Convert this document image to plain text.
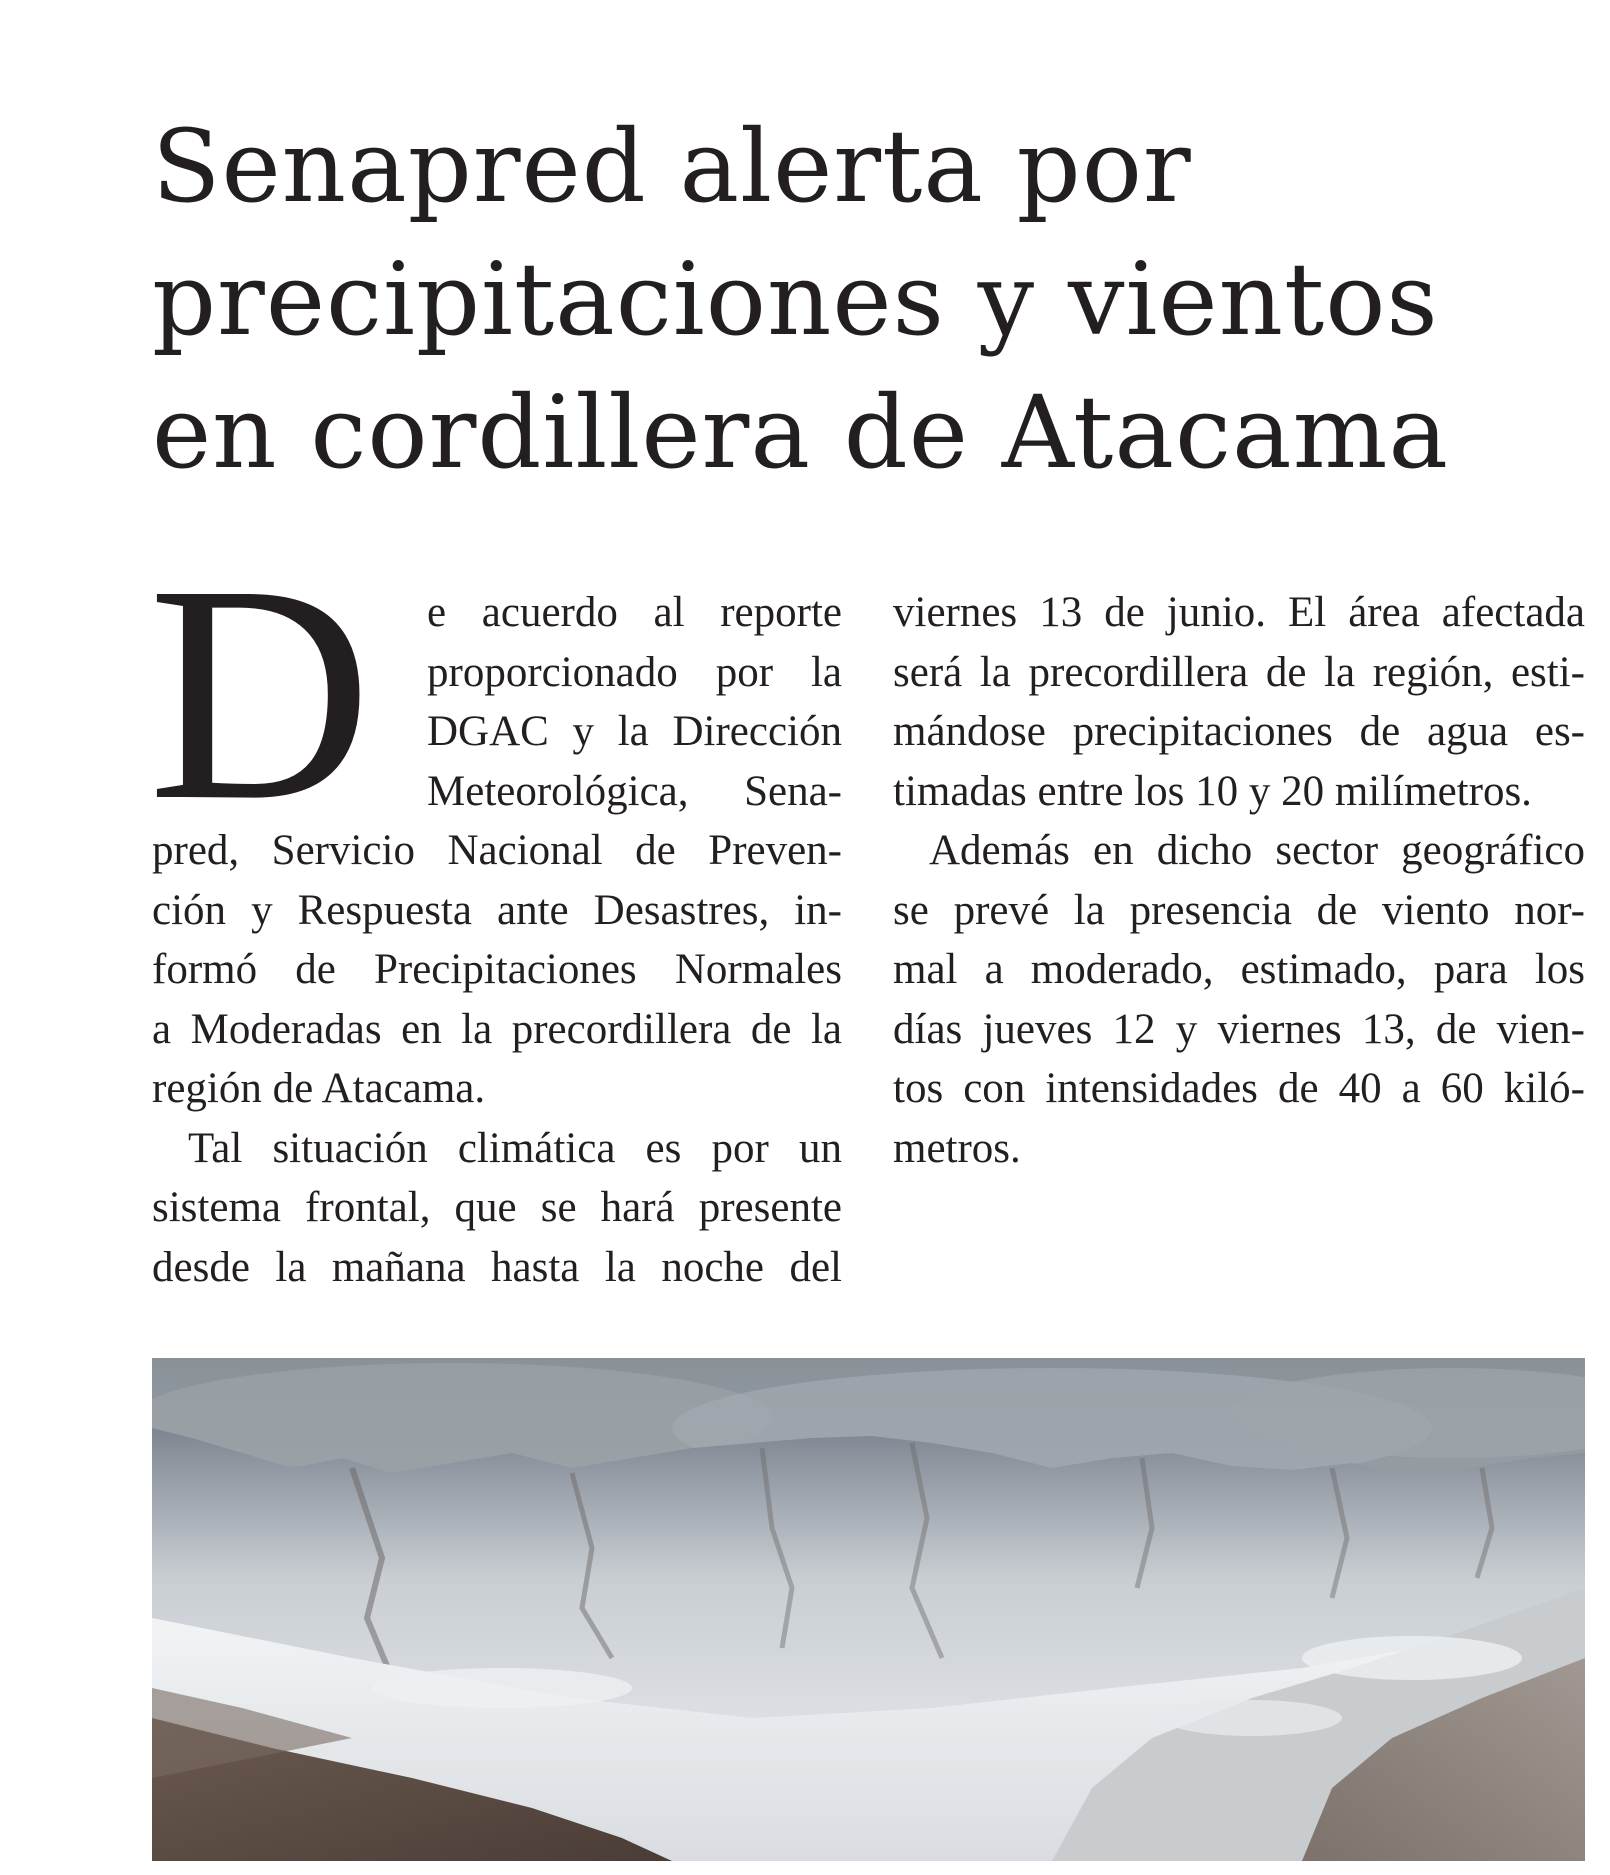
Senapred alerta por
precipitaciones y vientos
en cordillera de Atacama
D e acuerdo al reporte
proporcionado por la
DGAC y la Dirección
Meteorológica, Sena-
pred, Servicio Nacional de Preven-
ción y Respuesta ante Desastres, in-
formó de Precipitaciones Normales
a Moderadas en la precordillera de la
región de Atacama.
Tal situación climática es por un
sistema frontal, que se hará presente
desde la mañana hasta la noche del
viernes 13 de junio. El área afectada
será la precordillera de la región, esti-
mándose precipitaciones de agua es-
timadas entre los 10 y 20 milímetros.
Además en dicho sector geográfico
se prevé la presencia de viento nor-
mal a moderado, estimado, para los
días jueves 12 y viernes 13, de vien-
tos con intensidades de 40 a 60 kiló-
metros.
